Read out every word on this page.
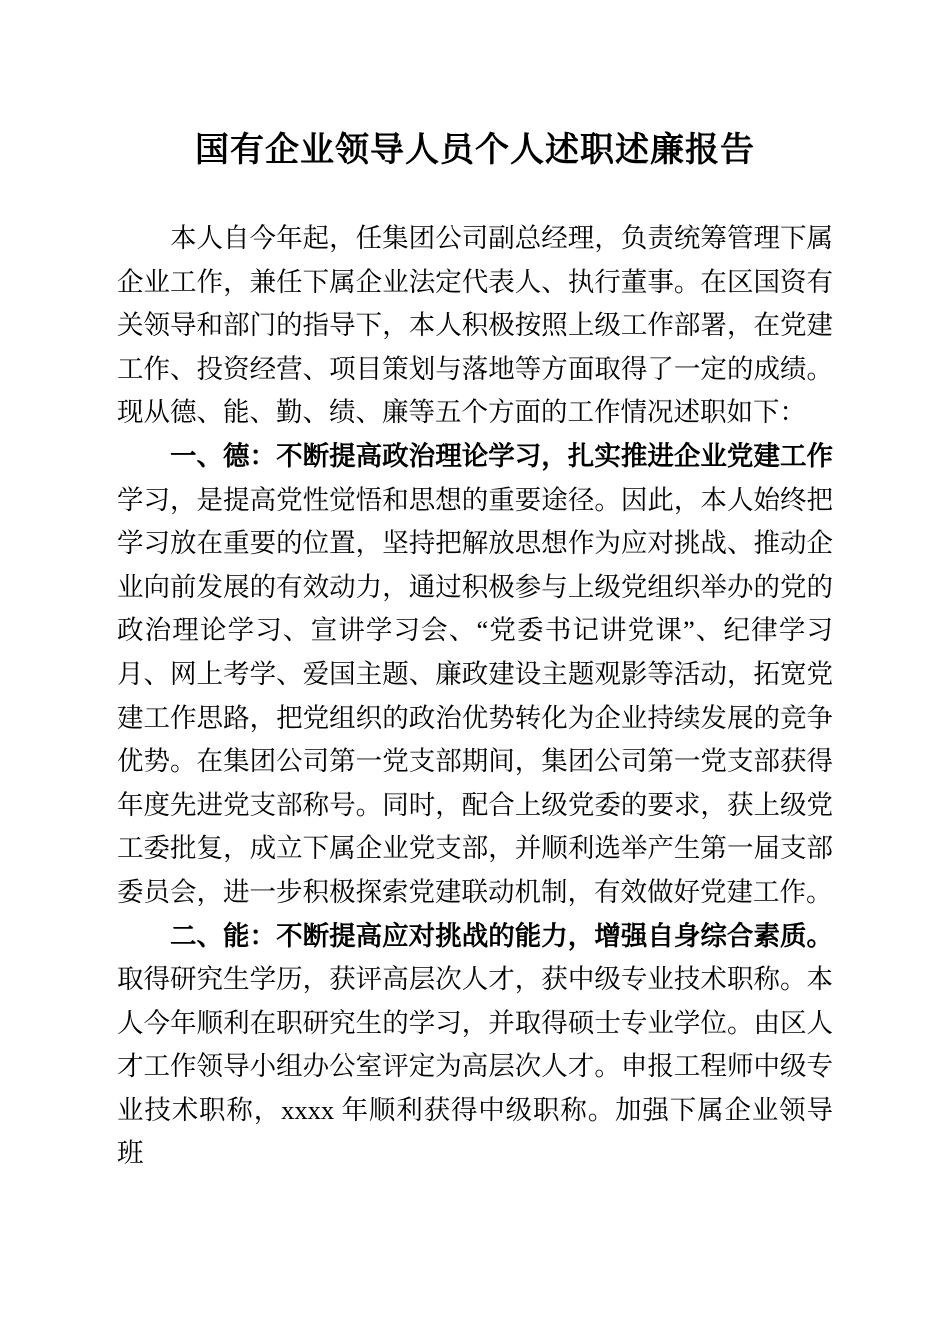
国有企业领导人员个人述职述廉报告

本人自今年起，任集团公司副总经理，负责统筹管理下属企业工作，兼任下属企业法定代表人、执行董事。在区国资有关领导和部门的指导下，本人积极按照上级工作部署，在党建工作、投资经营、项目策划与落地等方面取得了一定的成绩。现从德、能、勤、绩、廉等五个方面的工作情况述职如下：

一、德：不断提高政治理论学习，扎实推进企业党建工作学习，是提高党性觉悟和思想的重要途径。因此，本人始终把学习放在重要的位置，坚持把解放思想作为应对挑战、推动企业向前发展的有效动力，通过积极参与上级党组织举办的党的政治理论学习、宣讲学习会、“党委书记讲党课”、纪律学习月、网上考学、爱国主题、廉政建设主题观影等活动，拓宽党建工作思路，把党组织的政治优势转化为企业持续发展的竞争优势。在集团公司第一党支部期间，集团公司第一党支部获得年度先进党支部称号。同时，配合上级党委的要求，获上级党工委批复，成立下属企业党支部，并顺利选举产生第一届支部委员会，进一步积极探索党建联动机制，有效做好党建工作。

二、能：不断提高应对挑战的能力，增强自身综合素质。取得研究生学历，获评高层次人才，获中级专业技术职称。本人今年顺利在职研究生的学习，并取得硕士专业学位。由区人才工作领导小组办公室评定为高层次人才。申报工程师中级专业技术职称，xxxx 年顺利获得中级职称。加强下属企业领导班
